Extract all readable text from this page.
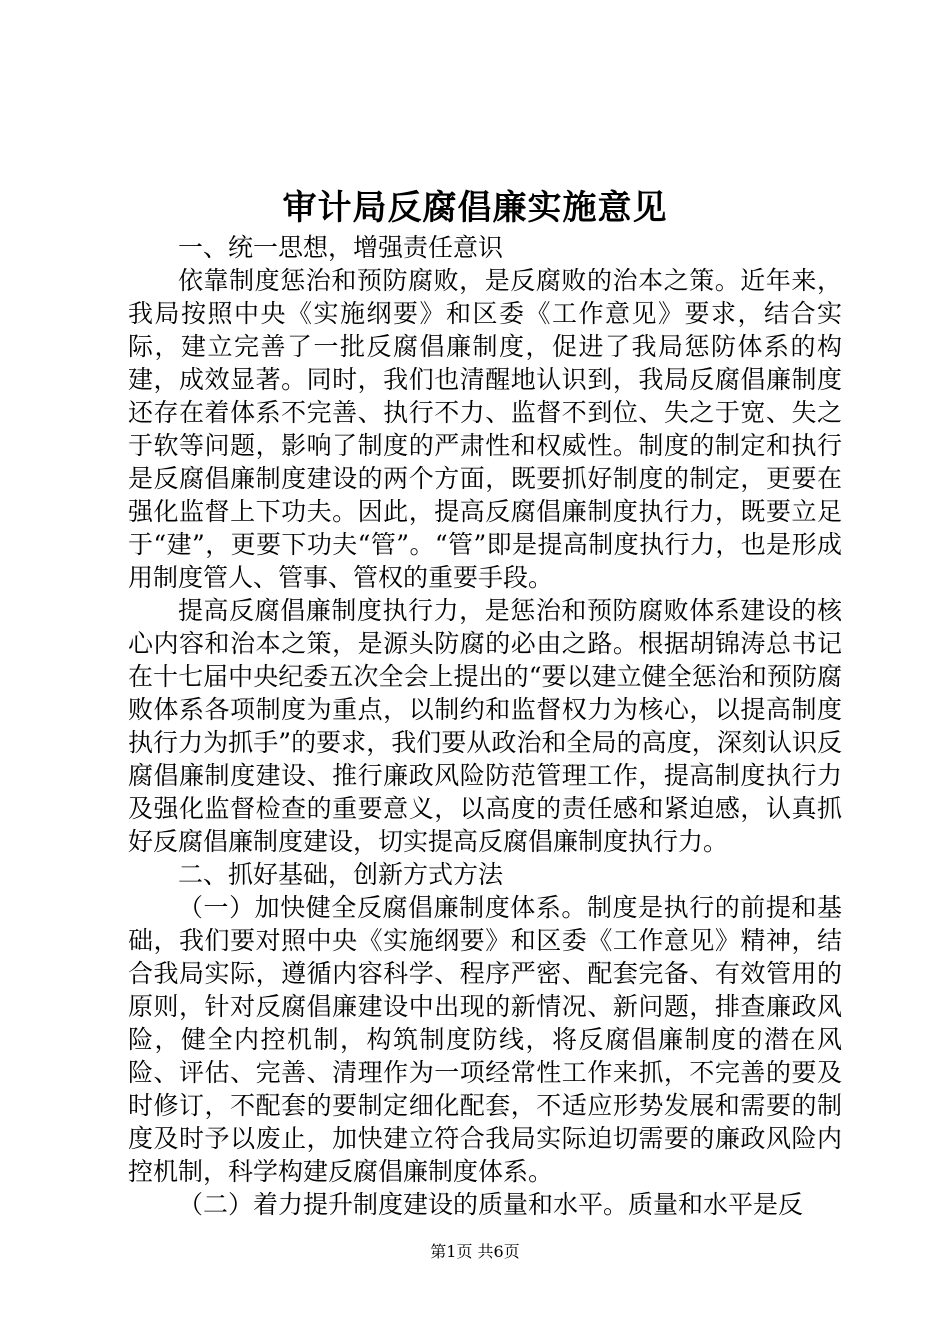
审计局反腐倡廉实施意见

一、统一思想，增强责任意识

依靠制度惩治和预防腐败，是反腐败的治本之策。近年来，我局按照中央《实施纲要》和区委《工作意见》要求，结合实际，建立完善了一批反腐倡廉制度，促进了我局惩防体系的构建，成效显著。同时，我们也清醒地认识到，我局反腐倡廉制度还存在着体系不完善、执行不力、监督不到位、失之于宽、失之于软等问题，影响了制度的严肃性和权威性。制度的制定和执行是反腐倡廉制度建设的两个方面，既要抓好制度的制定，更要在强化监督上下功夫。因此，提高反腐倡廉制度执行力，既要立足于“建”，更要下功夫“管”。“管”即是提高制度执行力，也是形成用制度管人、管事、管权的重要手段。

提高反腐倡廉制度执行力，是惩治和预防腐败体系建设的核心内容和治本之策，是源头防腐的必由之路。根据胡锦涛总书记在十七届中央纪委五次全会上提出的“要以建立健全惩治和预防腐败体系各项制度为重点，以制约和监督权力为核心，以提高制度执行力为抓手”的要求，我们要从政治和全局的高度，深刻认识反腐倡廉制度建设、推行廉政风险防范管理工作，提高制度执行力及强化监督检查的重要意义，以高度的责任感和紧迫感，认真抓好反腐倡廉制度建设，切实提高反腐倡廉制度执行力。

二、抓好基础，创新方式方法

（一）加快健全反腐倡廉制度体系。制度是执行的前提和基础，我们要对照中央《实施纲要》和区委《工作意见》精神，结合我局实际，遵循内容科学、程序严密、配套完备、有效管用的原则，针对反腐倡廉建设中出现的新情况、新问题，排查廉政风险，健全内控机制，构筑制度防线，将反腐倡廉制度的潜在风险、评估、完善、清理作为一项经常性工作来抓，不完善的要及时修订，不配套的要制定细化配套，不适应形势发展和需要的制度及时予以废止，加快建立符合我局实际迫切需要的廉政风险内控机制，科学构建反腐倡廉制度体系。

（二）着力提升制度建设的质量和水平。质量和水平是反

第1页 共6页
